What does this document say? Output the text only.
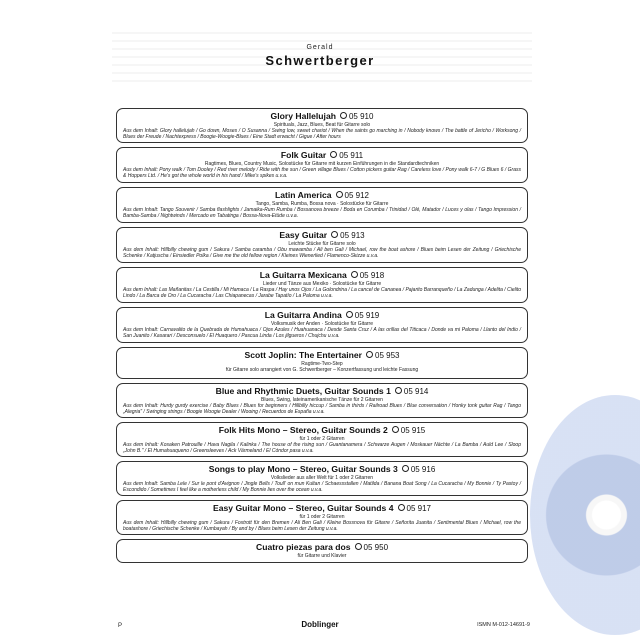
Gerald
Schwertberger
Glory Hallelujah 05 910
Spirituals, Jazz, Blues, Beat für Gitarre solo
Aus dem Inhalt: Glory hallelujah / Go down, Moses / O Susanna / Swing low, sweet chariot / When the saints go marching in / Nobody knows / The battle of Jericho / Worksong / Blues der Freude / Nachtexpress / Boogie-Woogie-Blues / Eine Stadt erwacht / Gigue / After hours
Folk Guitar 05 911
Ragtimes, Blues, Country Music, Solostücke für Gitarre mit kurzen Einführungen in die Standardtechniken
Aus dem Inhalt: Pony walk / Tom Dooley / Red river melody / Ride with the sun / Green village Blues / Cotton pickers guitar Rag / Careless love / Pony walk 6-7 / G Blues 6 / Grass & Hoppers Ltd. / He's got the whole world in his hand / Mike's spikes u.v.a.
Latin America 05 912
Tango, Samba, Rumba, Bossa nova · Solostücke für Gitarre
Aus dem Inhalt: Tango Souvenir / Samba flashlights / Jamaika-Rum Rumba / Bossanova breeze / Boda en Corumba / Trinidad / Olé, Matador / Luces y olas / Tango Impression / Bamba-Samba / Nightwinds / Mercado en Tabatinga / Bossa-Nova-Etüde u.v.a.
Easy Guitar 05 913
Leichte Stücke für Gitarre solo
Aus dem Inhalt: Hillbilly chewing gum / Sakura / Samba caramba / Obu mawamba / Ali ben Gali / Michael, row the boat ashore / Blues beim Lesen der Zeitung / Griechische Schenke / Katjuscha / Einsiedler Polka / Give me the old fellow region / Kleines Wienerlied / Flamenco-Skizze u.v.a.
La Guitarra Mexicana 05 918
Lieder und Tänze aus Mexiko · Solostücke für Gitarre
Aus dem Inhalt: Las Mañanitas / La Cestilla / Mi Hamaca / La Raspa / Hay unos Ojos / La Golondrina / La cancel de Cananea / Pajarito Barranqueño / La Zadunga / Adelita / Cielito Lindo / La Barca de Oro / La Cucaracha / Las Chiapanecas / Jarabe Tapatío / La Paloma u.v.a.
La Guitarra Andina 05 919
Volksmusik der Anden · Solostücke für Gitarre
Aus dem Inhalt: Carnavalito de la Quebrada de Humahuaca / Ojos Azules / Huahuanaca / Desde Santa Cruz / A las orillas del Titicaca / Donde va mi Paloma / Llanto del Indio / San Juanito / Kasarari / Desconsuelo / El Huaquero / Pascua Linda / Los jilgueros / Chujchu u.v.a.
Scott Joplin: The Entertainer 05 953
Ragtime-Two-Step
für Gitarre solo arrangiert von G. Schwertberger – Konzertfassung und leichte Fassung
Blue and Rhythmic Duets, Guitar Sounds 1 05 914
Blues, Swing, lateinamerikanische Tänze für 2 Gitarren
Aus dem Inhalt: Hurdy gurdy exercise / Baby Blues / Blues for beginners / Hillbilly hiccup / Samba in thirds / Railroad Blues / Blue conversation / Honky tonk guitar Rag / Tango „Alegria" / Swinging strings / Boogie Woogie Dealer / Wooing / Recuerdos de España u.v.a.
Folk Hits Mono – Stereo, Guitar Sounds 2 05 915
für 1 oder 2 Gitarren
Aus dem Inhalt: Kosaken Patrouille / Hava Nagila / Kalinka / The house of the rising sun / Guantanamera / Schwarze Augen / Moskauer Nächte / La Bamba / Auld Lee / Sloop „John B." / El Humahuaqueno / Greensleeves / Ack Värmeland / El Cóndor pasa u.v.a.
Songs to play Mono – Stereo, Guitar Sounds 3 05 916
Volkslieder aus aller Welt für 1 oder 2 Gitarren
Aus dem Inhalt: Samba Lele / Sur le pont d'Avignon / Jingle Bells / Toull' on mun Kultan / Schaessstallen / Matilda / Banana Boat Song / La Cucaracha / My Bonnie / Ty Pastoy / Escondido / Sometimes I feel like a motherless child / My Bonnie lies over the ocean u.v.a.
Easy Guitar Mono – Stereo, Guitar Sounds 4 05 917
für 1 oder 2 Gitarren
Aus dem Inhalt: Hillbilly chewing gum / Sakura / Foxtrott für den Bremen / Ali Ben Gali / Kleine Bossnova für Gitarre / Señorita Juanita / Sentimental Blues / Michael, row the boatashore / Griechische Schenke / Kumbayah / By and by / Blues beim Lesen der Zeitung u.v.a.
Cuatro piezas para dos 05 950
für Gitarre und Klavier
P	Doblinger	ISMN M-012-14691-9
